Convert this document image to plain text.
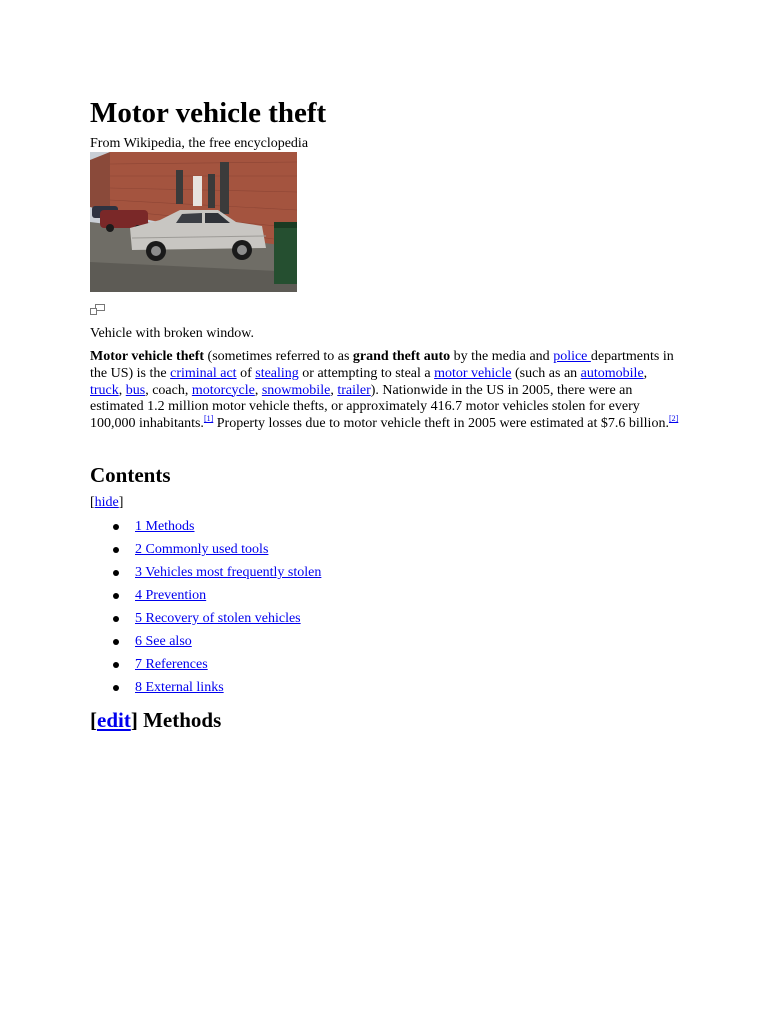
Motor vehicle theft
From Wikipedia, the free encyclopedia
Vehicle with broken window.

Motor vehicle theft (sometimes referred to as grand theft auto by the media and police departments in the US) is the criminal act of stealing or attempting to steal a motor vehicle (such as an automobile, truck, bus, coach, motorcycle, snowmobile, trailer). Nationwide in the US in 2005, there were an estimated 1.2 million motor vehicle thefts, or approximately 416.7 motor vehicles stolen for every 100,000 inhabitants.[1] Property losses due to motor vehicle theft in 2005 were estimated at $7.6 billion.[2]

Contents
[hide]
1 Methods
2 Commonly used tools
3 Vehicles most frequently stolen
4 Prevention
5 Recovery of stolen vehicles
6 See also
7 References
8 External links
[edit] Methods
